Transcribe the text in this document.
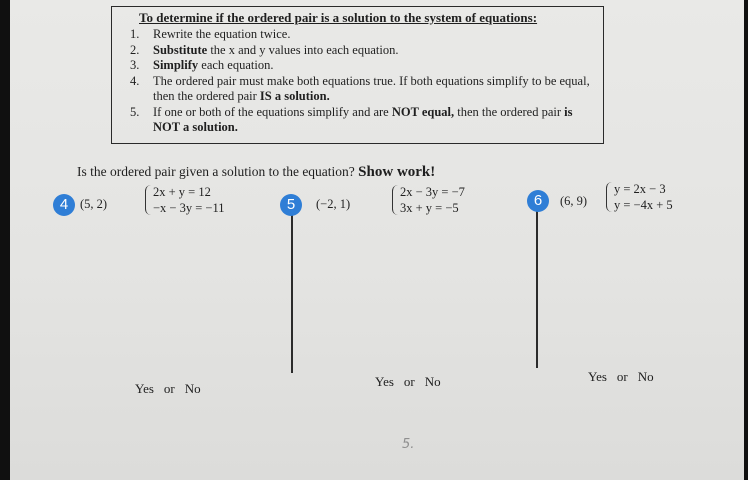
To determine if the ordered pair is a solution to the system of equations:
1. Rewrite the equation twice.
2. Substitute the x and y values into each equation.
3. Simplify each equation.
4. The ordered pair must make both equations true. If both equations simplify to be equal, then the ordered pair IS a solution.
5. If one or both of the equations simplify and are NOT equal, then the ordered pair is NOT a solution.
Is the ordered pair given a solution to the equation? Show work!
4 (5, 2)
2x + y = 12
−x − 3y = −11
Yes or No
5	(−2, 1)
2x − 3y = −7
3x + y = −5
Yes or No
6	(6, 9)
y = 2x − 3
y = −4x + 5
Yes or No
5.
